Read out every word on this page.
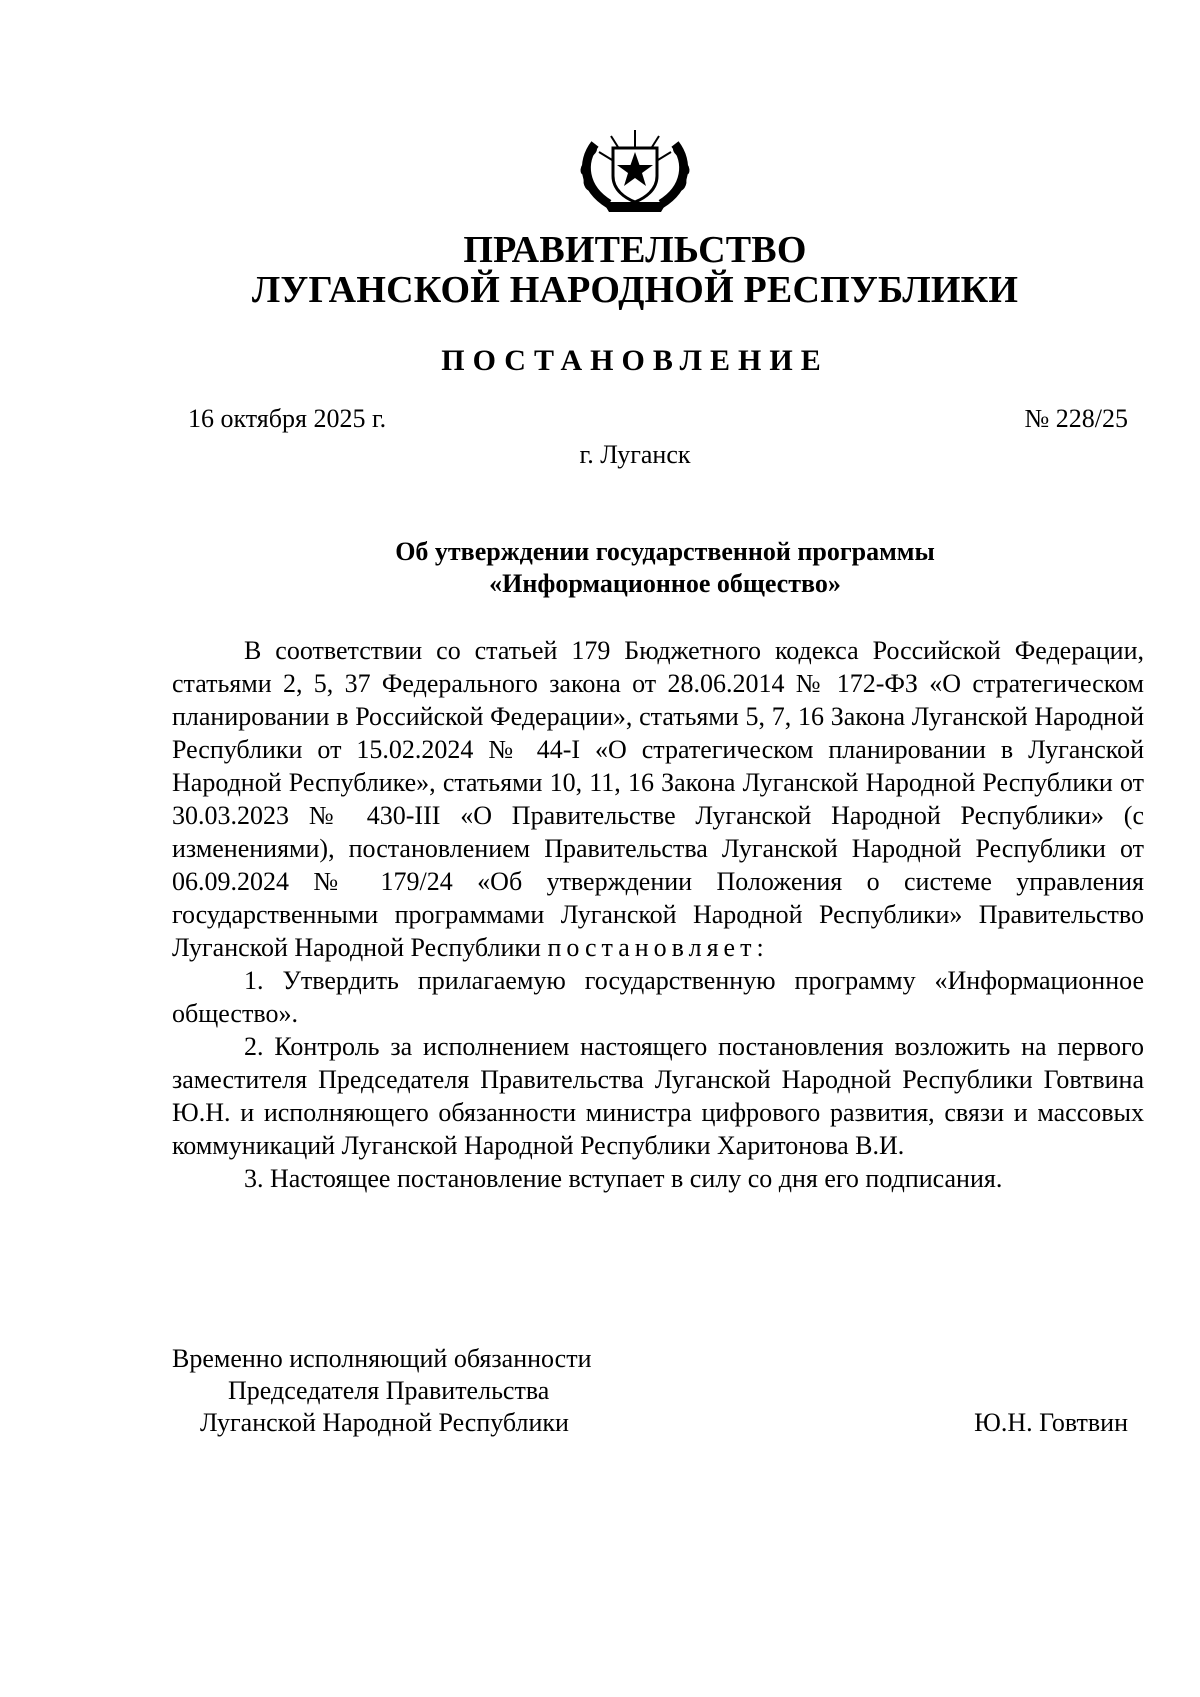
ПРАВИТЕЛЬСТВО
ЛУГАНСКОЙ НАРОДНОЙ РЕСПУБЛИКИ
ПОСТАНОВЛЕНИЕ
16 октября 2025 г.	№ 228/25
г. Луганск
Об утверждении государственной программы
«Информационное общество»

В соответствии со статьей 179 Бюджетного кодекса Российской Федерации, статьями 2, 5, 37 Федерального закона от 28.06.2014 № 172-ФЗ «О стратегическом планировании в Российской Федерации», статьями 5, 7, 16 Закона Луганской Народной Республики от 15.02.2024 № 44-I «О стратегическом планировании в Луганской Народной Республике», статьями 10, 11, 16 Закона Луганской Народной Республики от 30.03.2023 № 430-III «О Правительстве Луганской Народной Республики» (с изменениями), постановлением Правительства Луганской Народной Республики от 06.09.2024 № 179/24 «Об утверждении Положения о системе управления государственными программами Луганской Народной Республики» Правительство Луганской Народной Республики постановляет:

1. Утвердить прилагаемую государственную программу «Информационное общество».

2. Контроль за исполнением настоящего постановления возложить на первого заместителя Председателя Правительства Луганской Народной Республики Говтвина Ю.Н. и исполняющего обязанности министра цифрового развития, связи и массовых коммуникаций Луганской Народной Республики Харитонова В.И.

3. Настоящее постановление вступает в силу со дня его подписания.

Временно исполняющий обязанности
Председателя Правительства
Луганской Народной Республики	Ю.Н. Говтвин
